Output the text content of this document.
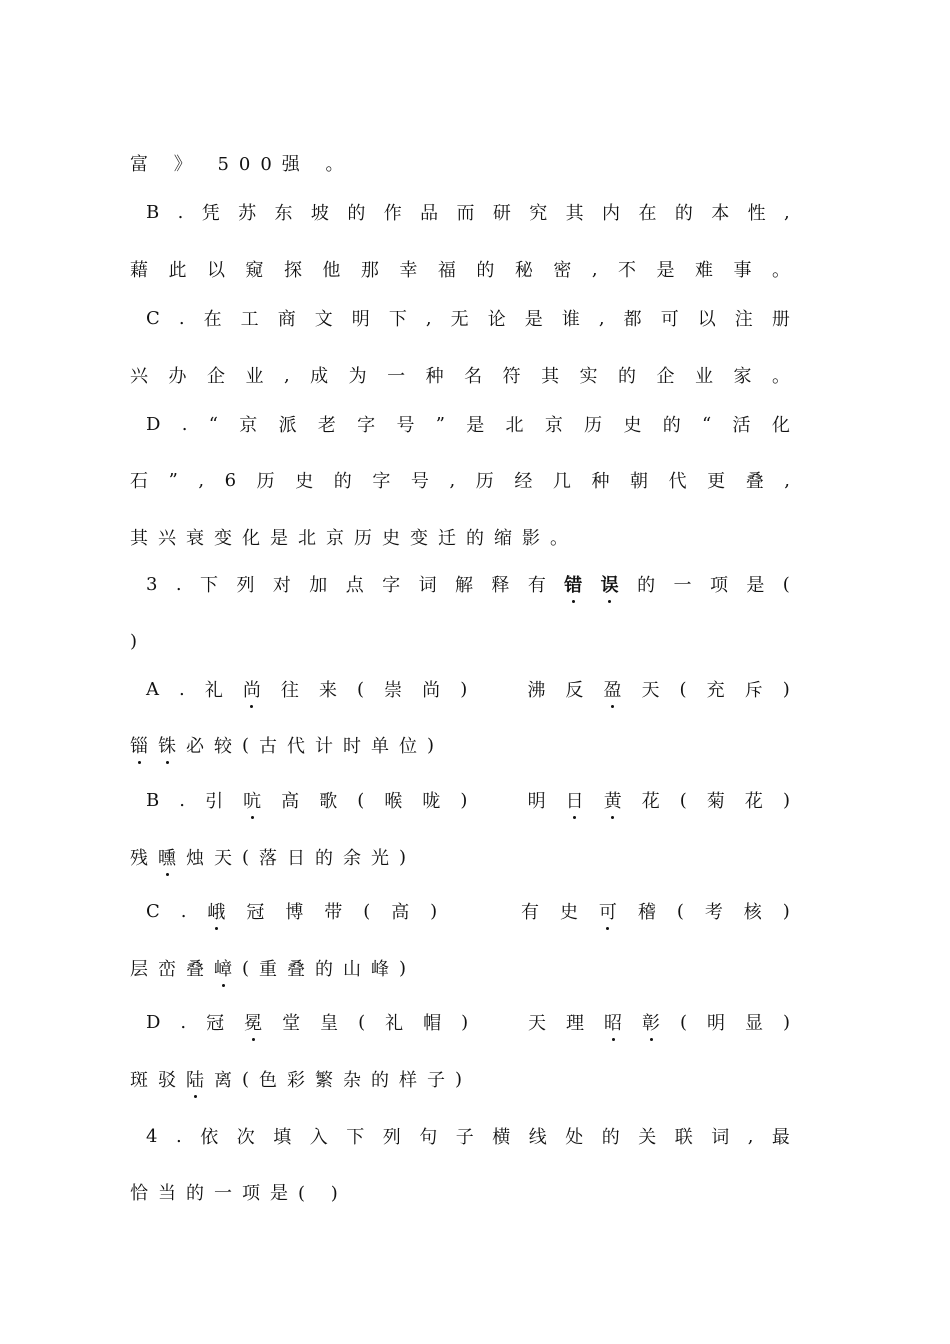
富 》 500强 。
B . 凭 苏 东 坡 的 作 品 而 研 究 其 内 在 的 本 性 ,
藉 此 以 窥 探 他 那 幸 福 的 秘 密 , 不 是 难 事 。
C . 在 工 商 文 明 下 , 无 论 是 谁 , 都 可 以 注 册
兴 办 企 业 , 成 为 一 种 名 符 其 实 的 企 业 家 。
D . “ 京 派 老 字 号 ” 是 北 京 历 史 的 “ 活 化
石 ” , 6 历 史 的 字 号 , 历 经 几 种 朝 代 更 叠 ,
其兴衰变化是北京历史变迁的缩影。
3 . 下 列 对 加 点 字 词 解 释 有 错 误 的 一 项 是 (
)
A . 礼 尚 往 来 ( 崇 尚 )	沸 反 盈 天 ( 充 斥 )
锱 铢 必 较 ( 古 代 计 时 单 位 )
B . 引 吭 高 歌 ( 喉 咙 )	明 日 黄 花 ( 菊 花 )
残 曛 烛 天 ( 落 日 的 余 光 )
C . 峨 冠 博 带 ( 高 )	有 史 可 稽 ( 考 核 )
层 峦 叠 嶂 ( 重 叠 的 山 峰 )
D . 冠 冕 堂 皇 ( 礼 帽 )	天 理 昭 彰 ( 明 显 )
斑 驳 陆 离 ( 色 彩 繁 杂 的 样 子 )
4 . 依 次 填 入 下 列 句 子 横 线 处 的 关 联 词 , 最
恰当的一项是( )
